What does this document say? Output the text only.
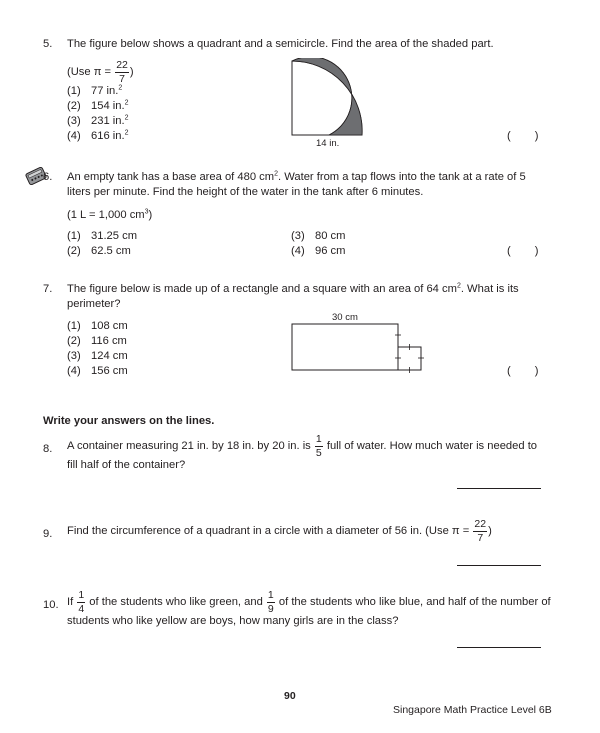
5. The figure below shows a quadrant and a semicircle. Find the area of the shaded part.
(Use $\pi = \frac{22}{7}$ )
(1) 77 in.$^2$
(2) 154 in.$^2$
(3) 231 in.$^2$
(4) 616 in.$^2$
14 in.
( )
6. An empty tank has a base area of 480 $cm^2$. Water from a tap flows into the tank at a rate of 5
liters per minute. Find the height of the water in the tank after 6 minutes.
(1 L = 1,000 $cm^3$)
(1) 31.25 cm
(2) 62.5 cm
(3) 80 cm
(4) 96 cm	( )
7. The figure below is made up of a rectangle and a square with an area of 64 $cm^2$. What is its
perimeter?
(1) 108 cm
(2) 116 cm
(3) 124 cm
(4) 156 cm
30 cm
( )
Write your answers on the lines.
8. A container measuring 21 in. by 18 in. by 20 in. is $\frac{1}{5}$ full of water. How much water is needed to
fill half of the container?
9. Find the circumference of a quadrant in a circle with a diameter of 56 in. (Use $\pi = \frac{22}{7}$ )
10. If $\frac{1}{4}$ of the students who like green, and $\frac{1}{9}$ of the students who like blue, and half of the number of
students who like yellow are boys, how many girls are in the class?
90
Singapore Math Practice Level 6B
